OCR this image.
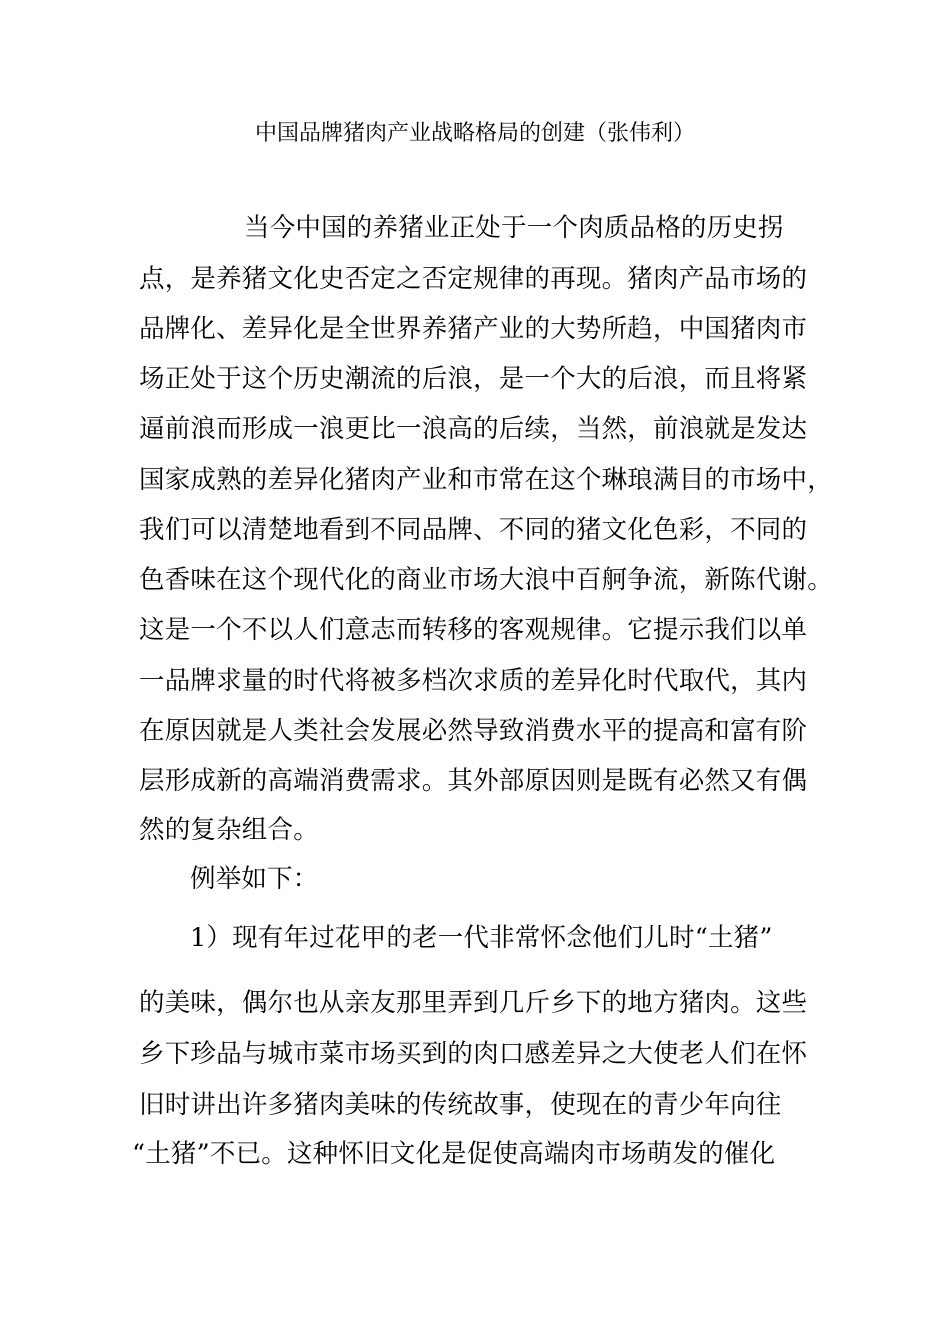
中国品牌猪肉产业战略格局的创建（张伟利）
当今中国的养猪业正处于一个肉质品格的历史拐
点，是养猪文化史否定之否定规律的再现。猪肉产品市场的
品牌化、差异化是全世界养猪产业的大势所趋，中国猪肉市
场正处于这个历史潮流的后浪，是一个大的后浪，而且将紧
逼前浪而形成一浪更比一浪高的后续，当然，前浪就是发达
国家成熟的差异化猪肉产业和市常在这个琳琅满目的市场中，
我们可以清楚地看到不同品牌、不同的猪文化色彩，不同的
色香味在这个现代化的商业市场大浪中百舸争流，新陈代谢。
这是一个不以人们意志而转移的客观规律。它提示我们以单
一品牌求量的时代将被多档次求质的差异化时代取代，其内
在原因就是人类社会发展必然导致消费水平的提高和富有阶
层形成新的高端消费需求。其外部原因则是既有必然又有偶
然的复杂组合。
例举如下：
1）现有年过花甲的老一代非常怀念他们儿时“土猪”
的美味，偶尔也从亲友那里弄到几斤乡下的地方猪肉。这些
乡下珍品与城市菜市场买到的肉口感差异之大使老人们在怀
旧时讲出许多猪肉美味的传统故事，使现在的青少年向往
“土猪”不已。这种怀旧文化是促使高端肉市场萌发的催化
